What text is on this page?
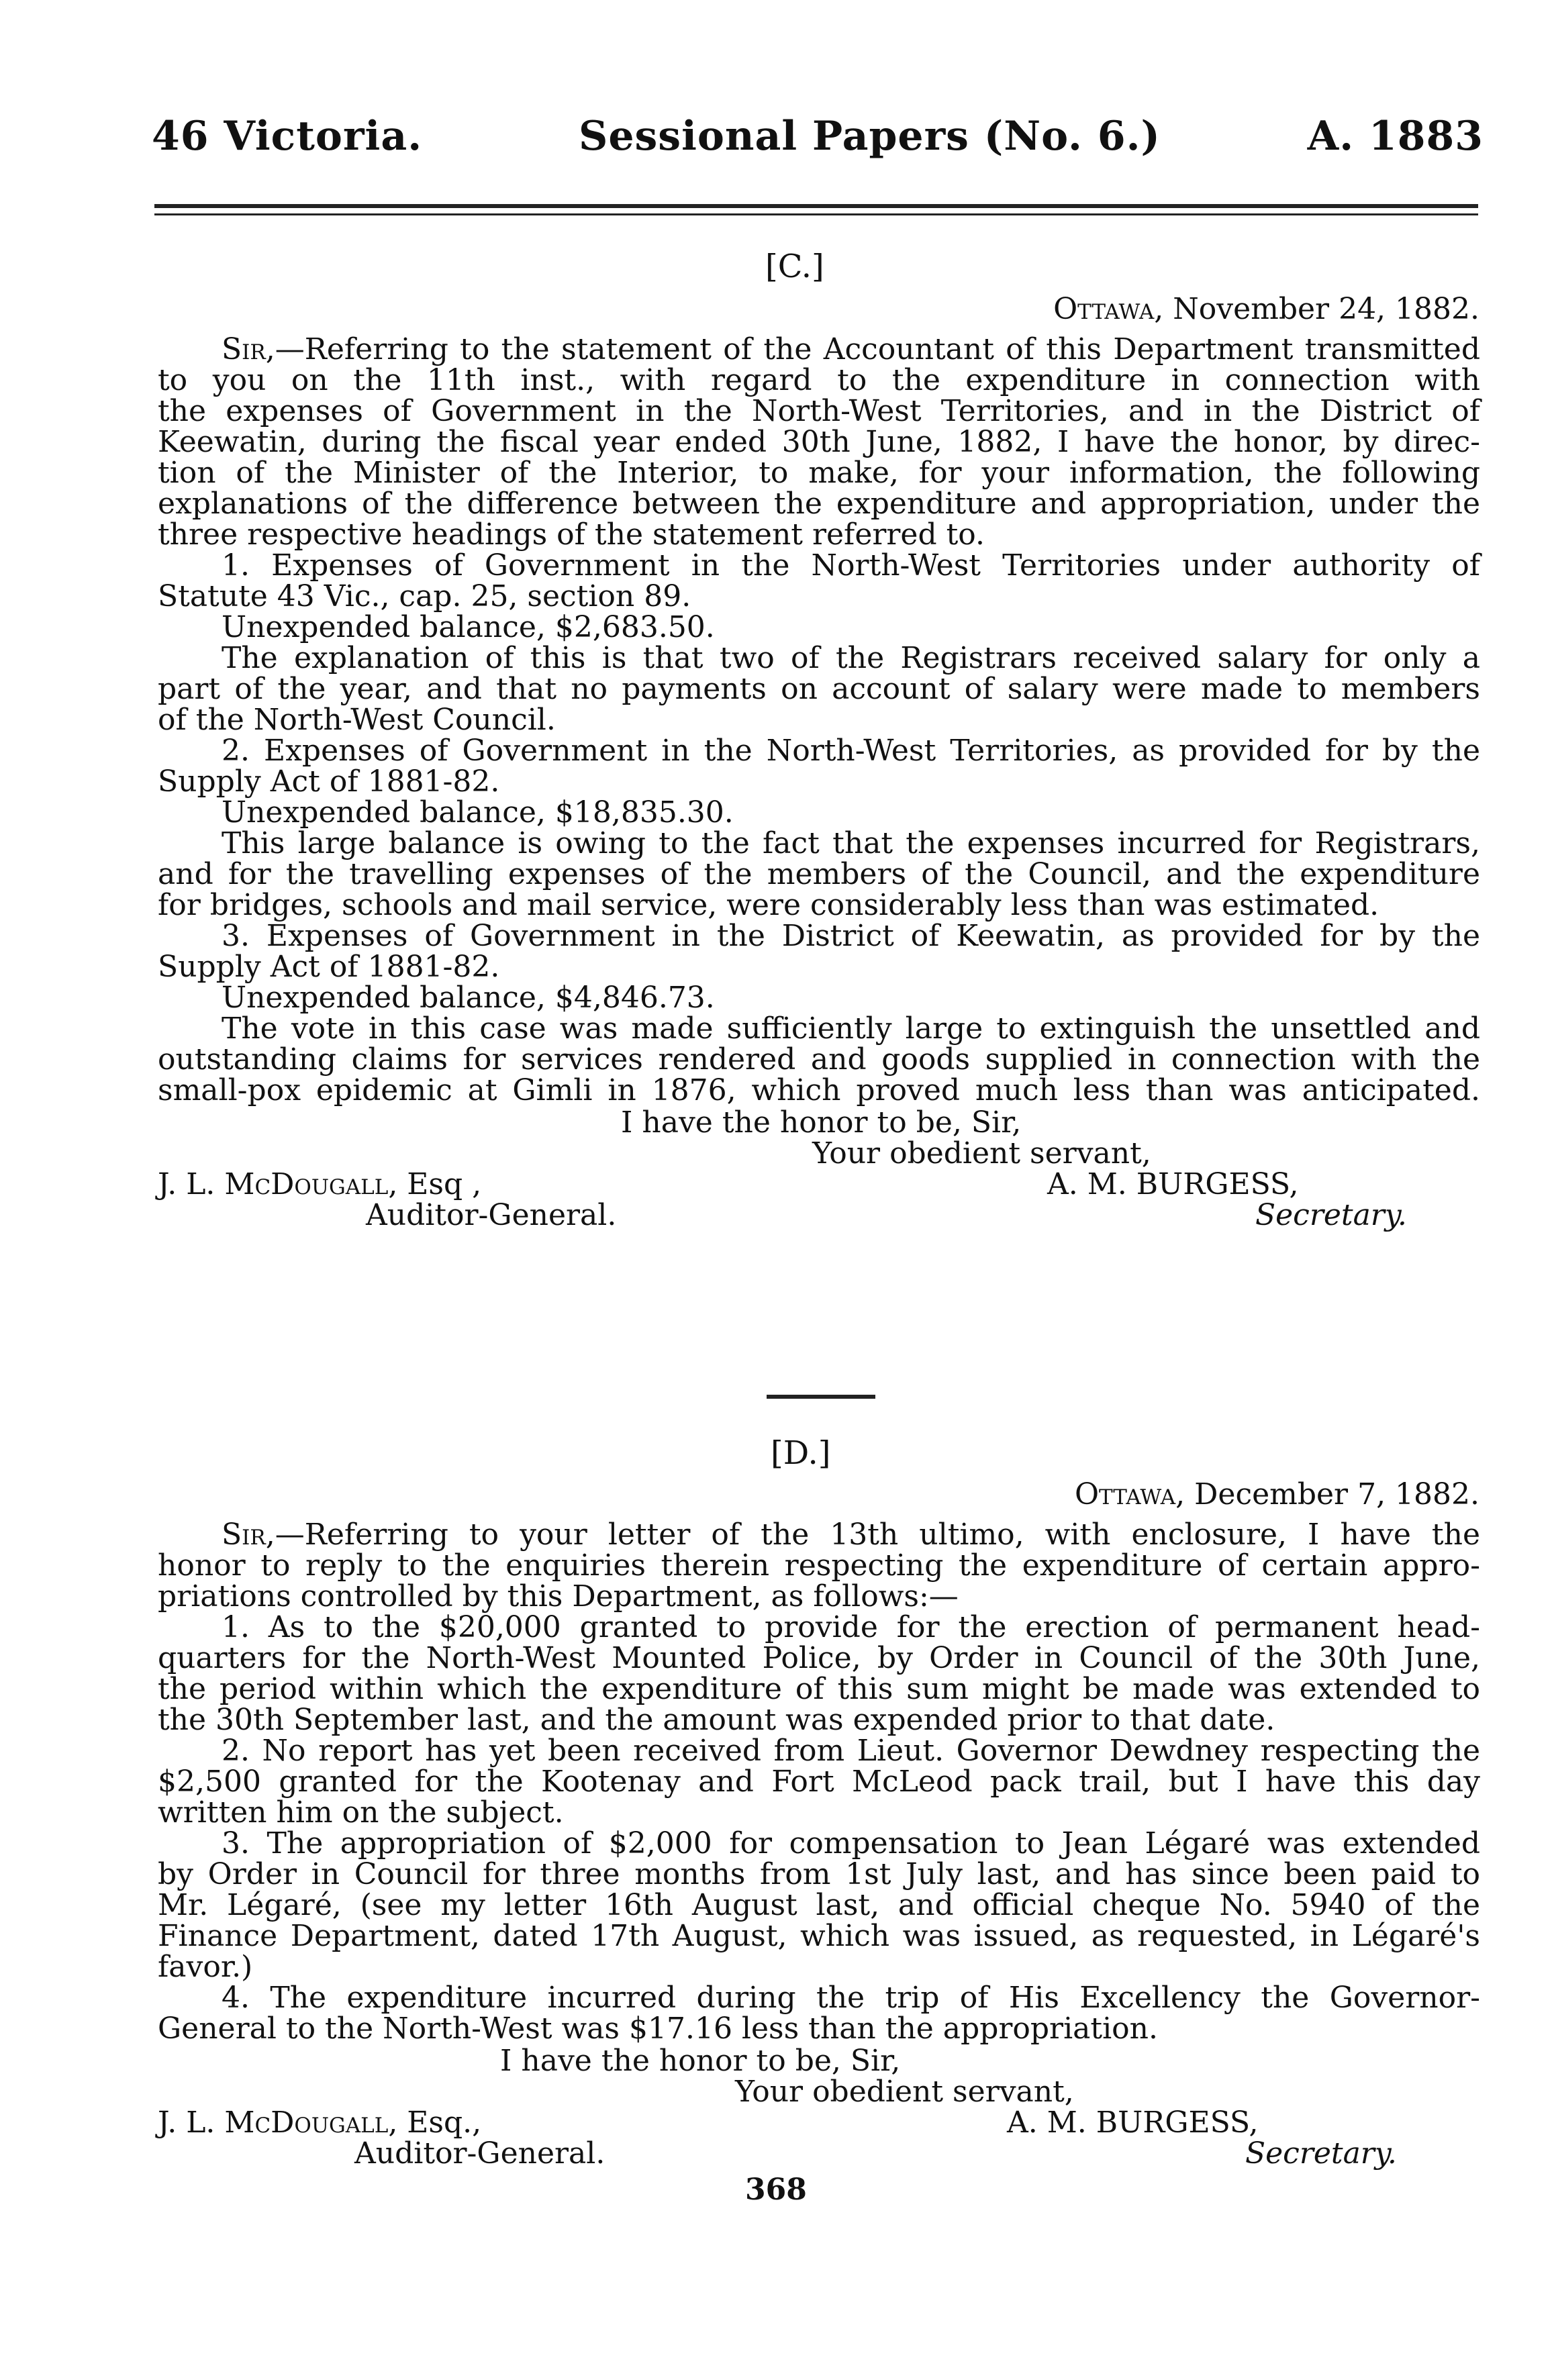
46 Victoria.	Sessional Papers (No. 6.)	A. 1883
[C.]
Ottawa, November 24, 1882.
Sir,—Referring to the statement of the Accountant of this Department transmitted
to you on the 11th inst., with regard to the expenditure in connection with
the expenses of Government in the North-West Territories, and in the District of
Keewatin, during the fiscal year ended 30th June, 1882, I have the honor, by direc-
tion of the Minister of the Interior, to make, for your information, the following
explanations of the difference between the expenditure and appropriation, under the
three respective headings of the statement referred to.
1. Expenses of Government in the North-West Territories under authority of
Statute 43 Vic., cap. 25, section 89.
Unexpended balance, $2,683.50.
The explanation of this is that two of the Registrars received salary for only a
part of the year, and that no payments on account of salary were made to members
of the North-West Council.
2. Expenses of Government in the North-West Territories, as provided for by the
Supply Act of 1881-82.
Unexpended balance, $18,835.30.
This large balance is owing to the fact that the expenses incurred for Registrars,
and for the travelling expenses of the members of the Council, and the expenditure
for bridges, schools and mail service, were considerably less than was estimated.
3. Expenses of Government in the District of Keewatin, as provided for by the
Supply Act of 1881-82.
Unexpended balance, $4,846.73.
The vote in this case was made sufficiently large to extinguish the unsettled and
outstanding claims for services rendered and goods supplied in connection with the
small-pox epidemic at Gimli in 1876, which proved much less than was anticipated.
I have the honor to be, Sir,
Your obedient servant,
J. L. McDougall, Esq ,	A. M. BURGESS,
Auditor-General.	Secretary.
[D.]
Ottawa, December 7, 1882.
Sir,—Referring to your letter of the 13th ultimo, with enclosure, I have the
honor to reply to the enquiries therein respecting the expenditure of certain appro-
priations controlled by this Department, as follows:—
1. As to the $20,000 granted to provide for the erection of permanent head-
quarters for the North-West Mounted Police, by Order in Council of the 30th June,
the period within which the expenditure of this sum might be made was extended to
the 30th September last, and the amount was expended prior to that date.
2. No report has yet been received from Lieut. Governor Dewdney respecting the
$2,500 granted for the Kootenay and Fort McLeod pack trail, but I have this day
written him on the subject.
3. The appropriation of $2,000 for compensation to Jean Légaré was extended
by Order in Council for three months from 1st July last, and has since been paid to
Mr. Légaré, (see my letter 16th August last, and official cheque No. 5940 of the
Finance Department, dated 17th August, which was issued, as requested, in Légaré's
favor.)
4. The expenditure incurred during the trip of His Excellency the Governor-
General to the North-West was $17.16 less than the appropriation.
I have the honor to be, Sir,
Your obedient servant,
J. L. McDougall, Esq.,	A. M. BURGESS,
Auditor-General.	Secretary.
368
